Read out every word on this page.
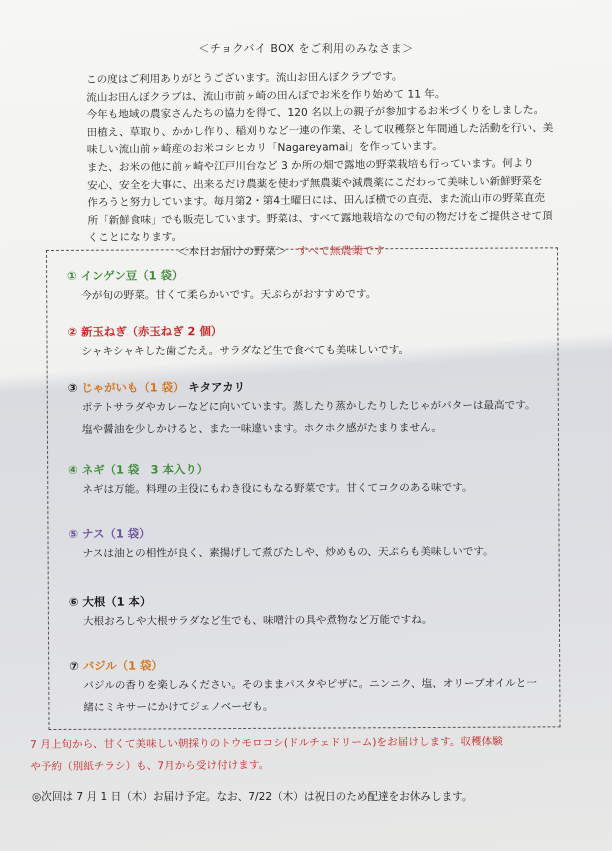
＜チョクバイ BOX をご利用のみなさま＞

この度はご利用ありがとうございます。流山お田んぼクラブです。

流山お田んぼクラブは、流山市前ヶ崎の田んぼでお米を作り始めて 11 年。

今年も地域の農家さんたちの協力を得て、120 名以上の親子が参加するお米づくりをしました。

田植え、草取り、かかし作り、稲刈りなど一連の作業、そして収穫祭と年間通した活動を行い、美

味しい流山前ヶ崎産のお米コシヒカリ「Nagareyamai」を作っています。

また、お米の他に前ヶ崎や江戸川台など 3 か所の畑で露地の野菜栽培も行っています。何より

安心、安全を大事に、出来るだけ農薬を使わず無農薬や減農薬にこだわって美味しい新鮮野菜を

作ろうと努力しています。毎月第2・第4土曜日には、田んぼ横での直売、また流山市の野菜直売

所「新鮮食味」でも販売しています。野菜は、すべて露地栽培なので旬の物だけをご提供させて頂

くことになります。

＜本日お届けの野菜＞ すべて無農薬です
① インゲン豆（1 袋）
今が旬の野菜。甘くて柔らかいです。天ぷらがおすすめです。
② 新玉ねぎ（赤玉ねぎ 2 個）
シャキシャキした歯ごたえ。サラダなど生で食べても美味しいです。
③ じゃがいも（1 袋） キタアカリ
ポテトサラダやカレーなどに向いています。蒸したり蒸かしたりしたじゃがバターは最高です。
塩や醤油を少しかけると、また一味違います。ホクホク感がたまりません。
④ ネギ（1 袋　3 本入り）
ネギは万能。料理の主役にもわき役にもなる野菜です。甘くてコクのある味です。
⑤ ナス（1 袋）
ナスは油との相性が良く、素揚げして煮びたしや、炒めもの、天ぷらも美味しいです。
⑥ 大根（1 本）
大根おろしや大根サラダなど生でも、味噌汁の具や煮物など万能ですね。
⑦ バジル（1 袋）
バジルの香りを楽しみください。そのままパスタやピザに。ニンニク、塩、オリーブオイルと一
緒にミキサーにかけてジェノベーゼも。

7 月上旬から、甘くて美味しい朝採りのトウモロコシ(ドルチェドリーム)をお届けします。収穫体験

や予約（別紙チラシ）も、7月から受け付けます。

◎次回は 7 月 1 日（木）お届け予定。なお、7/22（木）は祝日のため配達をお休みします。
